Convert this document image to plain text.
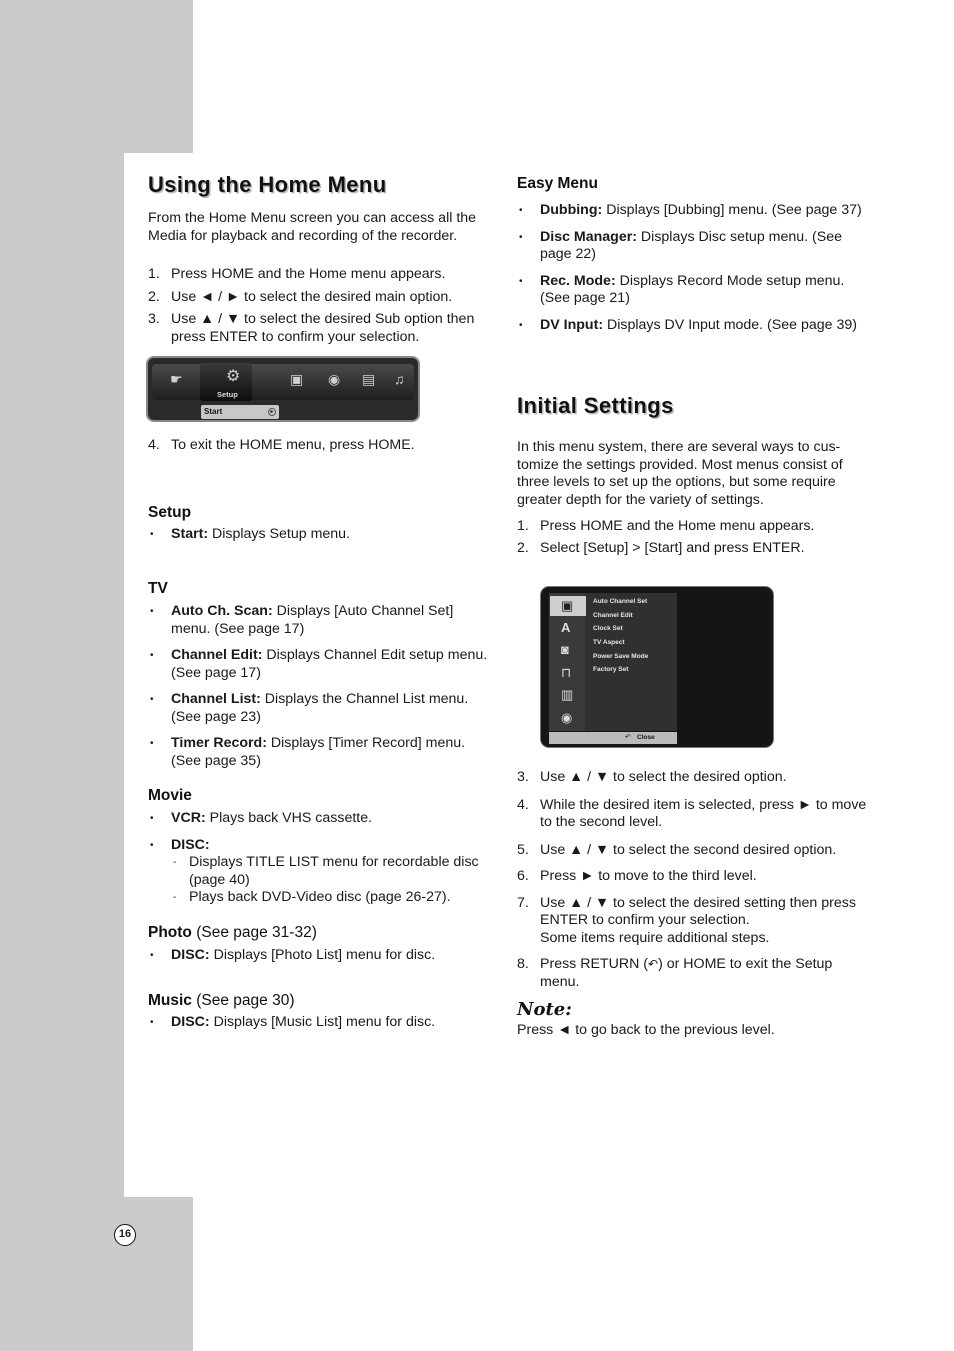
16
Using the Home Menu

From the Home Menu screen you can access all the Media for playback and recording of the recorder.

1. Press HOME and the Home menu appears.
2. Use ◄ / ► to select the desired main option.
3. Use ▲ / ▼ to select the desired Sub option then press ENTER to confirm your selection.
☛	⚙
Setup
▣ ◉ ▤ ♫
Start	►

4. To exit the HOME menu, press HOME.

Setup
• Start: Displays Setup menu.
TV
• Auto Ch. Scan: Displays [Auto Channel Set] menu. (See page 17)
• Channel Edit: Displays Channel Edit setup menu. (See page 17)
• Channel List: Displays the Channel List menu. (See page 23)
• Timer Record: Displays [Timer Record] menu. (See page 35)
Movie
• VCR: Plays back VHS cassette.
• DISC:
- Displays TITLE LIST menu for recordable disc (page 40)
- Plays back DVD-Video disc (page 26-27).
Photo (See page 31-32)
• DISC: Displays [Photo List] menu for disc.
Music (See page 30)
• DISC: Displays [Music List] menu for disc.
Easy Menu
• Dubbing: Displays [Dubbing] menu. (See page 37)
• Disc Manager: Displays Disc setup menu. (See page 22)
• Rec. Mode: Displays Record Mode setup menu. (See page 21)
• DV Input: Displays DV Input mode. (See page 39)
Initial Settings
In this menu system, there are several ways to cus-
tomize the settings provided. Most menus consist of
three levels to set up the options, but some require
greater depth for the variety of settings.
1. Press HOME and the Home menu appears.
2. Select [Setup] > [Start] and press ENTER.
▣
A
◙
⊓
▥
◉
Auto Channel Set
Channel Edit
Clock Set
TV Aspect
Power Save Mode
Factory Set
↶ Close
3. Use ▲ / ▼ to select the desired option.
4. While the desired item is selected, press ► to move to the second level.
5. Use ▲ / ▼ to select the second desired option.
6. Press ► to move to the third level.
7. Use ▲ / ▼ to select the desired setting then press ENTER to confirm your selection.
Some items require additional steps.
8. Press RETURN (↶) or HOME to exit the Setup menu.
Note:

Press ◄ to go back to the previous level.
